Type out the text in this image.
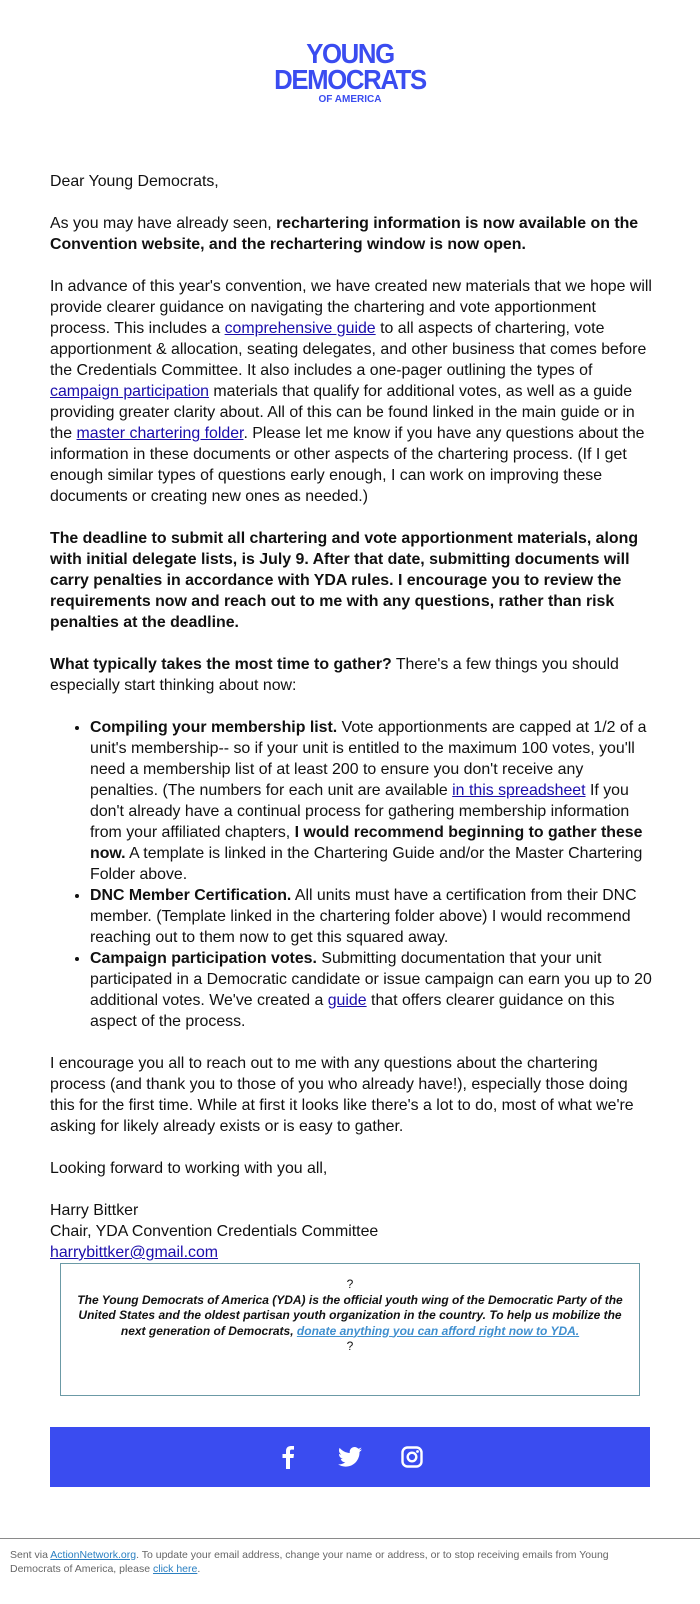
YOUNG
DEMOCRATS
OF AMERICA

Dear Young Democrats,

As you may have already seen, rechartering information is now available on the Convention website, and the rechartering window is now open.

In advance of this year's convention, we have created new materials that we hope will provide clearer guidance on navigating the chartering and vote apportionment process. This includes a comprehensive guide to all aspects of chartering, vote apportionment & allocation, seating delegates, and other business that comes before the Credentials Committee. It also includes a one-pager outlining the types of campaign participation materials that qualify for additional votes, as well as a guide providing greater clarity about. All of this can be found linked in the main guide or in the master chartering folder. Please let me know if you have any questions about the information in these documents or other aspects of the chartering process. (If I get enough similar types of questions early enough, I can work on improving these documents or creating new ones as needed.)

The deadline to submit all chartering and vote apportionment materials, along with initial delegate lists, is July 9. After that date, submitting documents will carry penalties in accordance with YDA rules. I encourage you to review the requirements now and reach out to me with any questions, rather than risk penalties at the deadline.

What typically takes the most time to gather? There's a few things you should especially start thinking about now:

• Compiling your membership list. Vote apportionments are capped at 1/2 of a unit's membership-- so if your unit is entitled to the maximum 100 votes, you'll need a membership list of at least 200 to ensure you don't receive any penalties. (The numbers for each unit are available in this spreadsheet If you don't already have a continual process for gathering membership information from your affiliated chapters, I would recommend beginning to gather these now. A template is linked in the Chartering Guide and/or the Master Chartering Folder above.
• DNC Member Certification. All units must have a certification from their DNC member. (Template linked in the chartering folder above) I would recommend reaching out to them now to get this squared away.
• Campaign participation votes. Submitting documentation that your unit participated in a Democratic candidate or issue campaign can earn you up to 20 additional votes. We've created a guide that offers clearer guidance on this aspect of the process.

I encourage you all to reach out to me with any questions about the chartering process (and thank you to those of you who already have!), especially those doing this for the first time. While at first it looks like there's a lot to do, most of what we're asking for likely already exists or is easy to gather.

Looking forward to working with you all,

Harry Bittker
Chair, YDA Convention Credentials Committee
harrybittker@gmail.com

?
The Young Democrats of America (YDA) is the official youth wing of the Democratic Party of the United States and the oldest partisan youth organization in the country. To help us mobilize the next generation of Democrats, donate anything you can afford right now to YDA.
?
Sent via ActionNetwork.org. To update your email address, change your name or address, or to stop receiving emails from Young Democrats of America, please click here.
